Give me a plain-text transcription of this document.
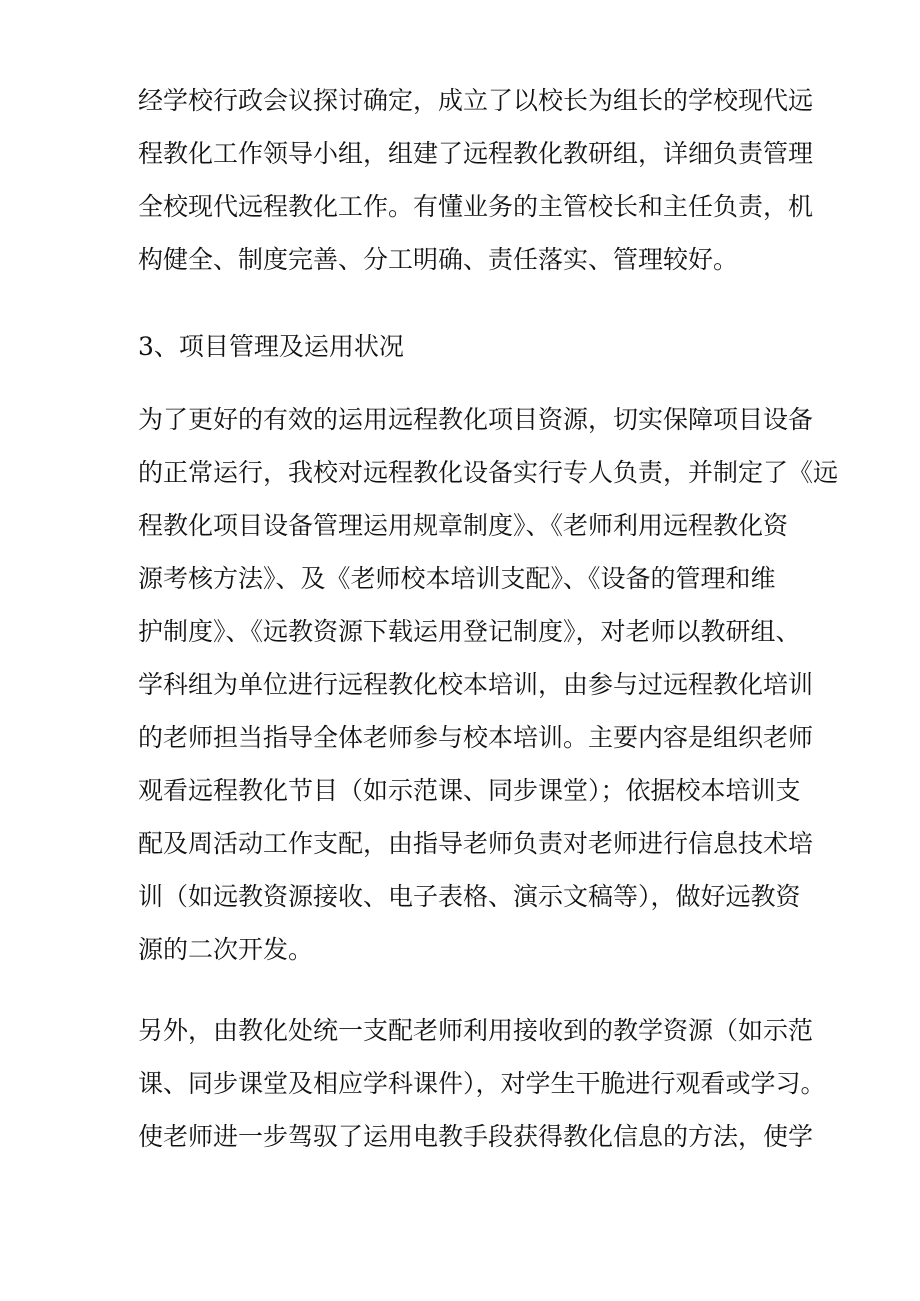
经学校行政会议探讨确定，成立了以校长为组长的学校现代远
程教化工作领导小组，组建了远程教化教研组，详细负责管理
全校现代远程教化工作。有懂业务的主管校长和主任负责，机
构健全、制度完善、分工明确、责任落实、管理较好。
3、项目管理及运用状况
为了更好的有效的运用远程教化项目资源，切实保障项目设备
的正常运行，我校对远程教化设备实行专人负责，并制定了《远
程教化项目设备管理运用规章制度》、《老师利用远程教化资
源考核方法》、及《老师校本培训支配》、《设备的管理和维
护制度》、《远教资源下载运用登记制度》，对老师以教研组、
学科组为单位进行远程教化校本培训，由参与过远程教化培训
的老师担当指导全体老师参与校本培训。主要内容是组织老师
观看远程教化节目（如示范课、同步课堂）；依据校本培训支
配及周活动工作支配，由指导老师负责对老师进行信息技术培
训（如远教资源接收、电子表格、演示文稿等），做好远教资
源的二次开发。
另外，由教化处统一支配老师利用接收到的教学资源（如示范
课、同步课堂及相应学科课件），对学生干脆进行观看或学习。
使老师进一步驾驭了运用电教手段获得教化信息的方法，使学
